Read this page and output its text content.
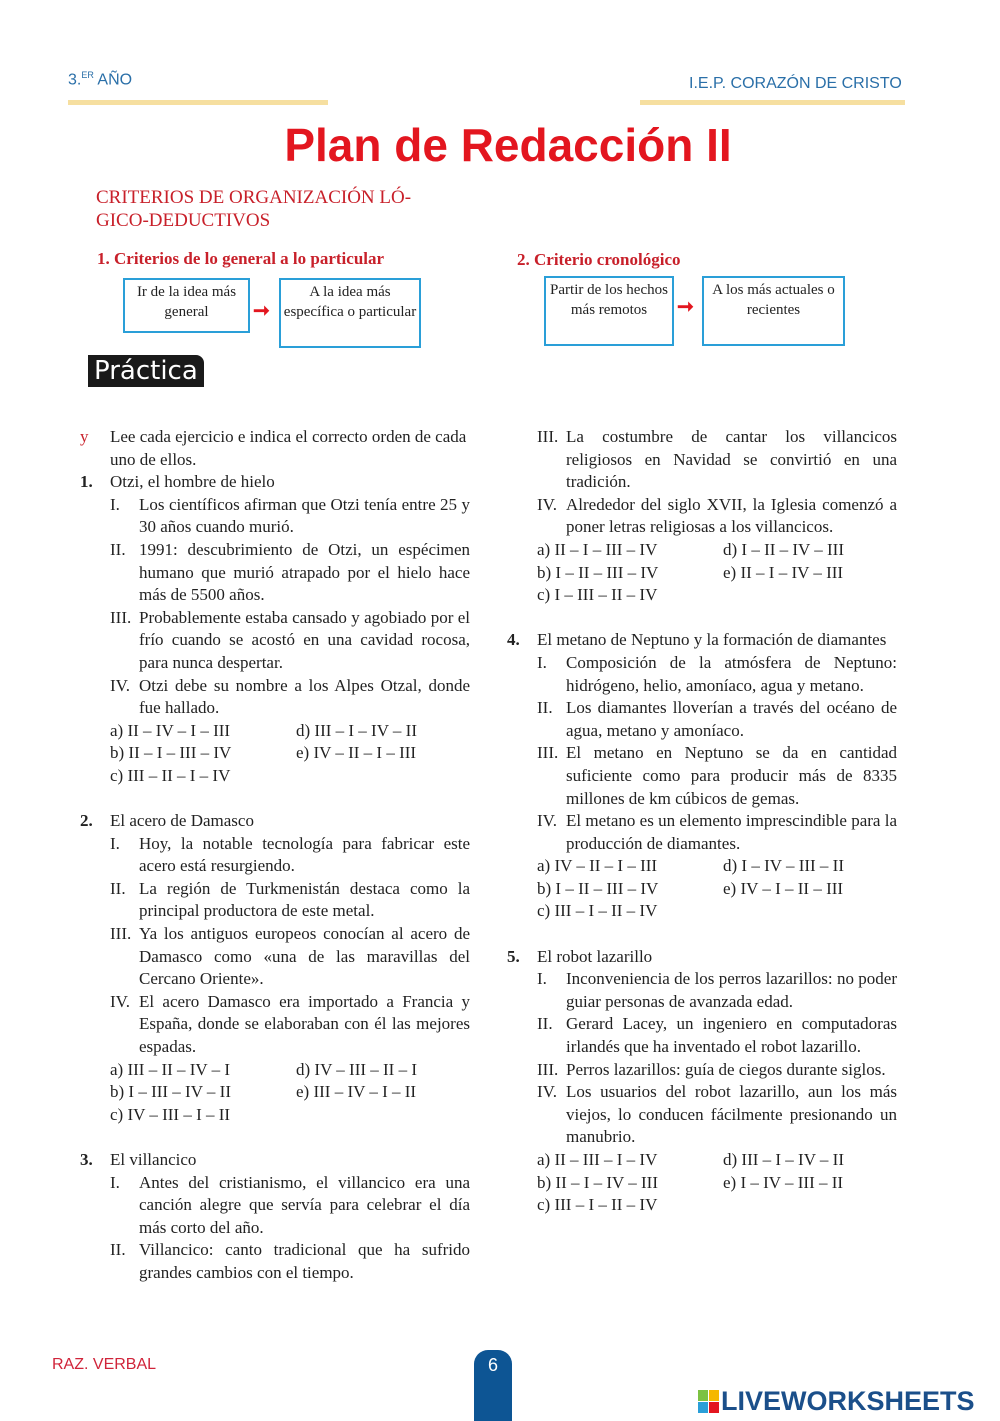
3.$^{ER}$ AÑO	I.E.P. CORAZÓN DE CRISTO
Plan de Redacción II
CRITERIOS DE ORGANIZACIÓN LÓ-GICO-DEDUCTIVOS
1. Criterios de lo general a lo particular
Ir de la idea más general	➞
A la idea más específica o particular
2. Criterio cronológico
Partir de los hechos más remotos	➞
A los más actuales o recientes
Práctica
y Lee cada ejercicio e indica el correcto orden de cada uno de ellos.
1. Otzi, el hombre de hielo
I. Los científicos afirman que Otzi tenía entre 25 y 30 años cuando murió.
II. 1991: descubrimiento de Otzi, un espécimen humano que murió atrapado por el hielo hace más de 5500 años.
III. Probablemente estaba cansado y agobiado por el frío cuando se acostó en una cavidad rocosa, para nunca despertar.
IV. Otzi debe su nombre a los Alpes Otzal, donde fue hallado.
a) II – IV – I – III	d) III – I – IV – II
b) II – I – III – IV	e) IV – II – I – III
c) III – II – I – IV
2. El acero de Damasco
I. Hoy, la notable tecnología para fabricar este acero está resurgiendo.
II. La región de Turkmenistán destaca como la principal productora de este metal.
III. Ya los antiguos europeos conocían al acero de Damasco como «una de las maravillas del Cercano Oriente».
IV. El acero Damasco era importado a Francia y España, donde se elaboraban con él las mejores espadas.
a) III – II – IV – I	d) IV – III – II – I
b) I – III – IV – II	e) III – IV – I – II
c) IV – III – I – II
3. El villancico
I. Antes del cristianismo, el villancico era una canción alegre que servía para celebrar el día más corto del año.
II. Villancico: canto tradicional que ha sufrido grandes cambios con el tiempo.
III. La costumbre de cantar los villancicos religiosos en Navidad se convirtió en una tradición.
IV. Alrededor del siglo XVII, la Iglesia comenzó a poner letras religiosas a los villancicos.
a) II – I – III – IV	d) I – II – IV – III
b) I – II – III – IV	e) II – I – IV – III
c) I – III – II – IV
4. El metano de Neptuno y la formación de diamantes
I. Composición de la atmósfera de Neptuno: hidrógeno, helio, amoníaco, agua y metano.
II. Los diamantes lloverían a través del océano de agua, metano y amoníaco.
III. El metano en Neptuno se da en cantidad suficiente como para producir más de 8335 millones de km cúbicos de gemas.
IV. El metano es un elemento imprescindible para la producción de diamantes.
a) IV – II – I – III	d) I – IV – III – II
b) I – II – III – IV	e) IV – I – II – III
c) III – I – II – IV
5. El robot lazarillo
I. Inconveniencia de los perros lazarillos: no poder guiar personas de avanzada edad.
II. Gerard Lacey, un ingeniero en computadoras irlandés que ha inventado el robot lazarillo.
III. Perros lazarillos: guía de ciegos durante siglos.
IV. Los usuarios del robot lazarillo, aun los más viejos, lo conducen fácilmente presionando un manubrio.
a) II – III – I – IV	d) III – I – IV – II
b) II – I – IV – III	e) I – IV – III – II
c) III – I – II – IV
RAZ. VERBAL	6
LIVEWORKSHEETS
